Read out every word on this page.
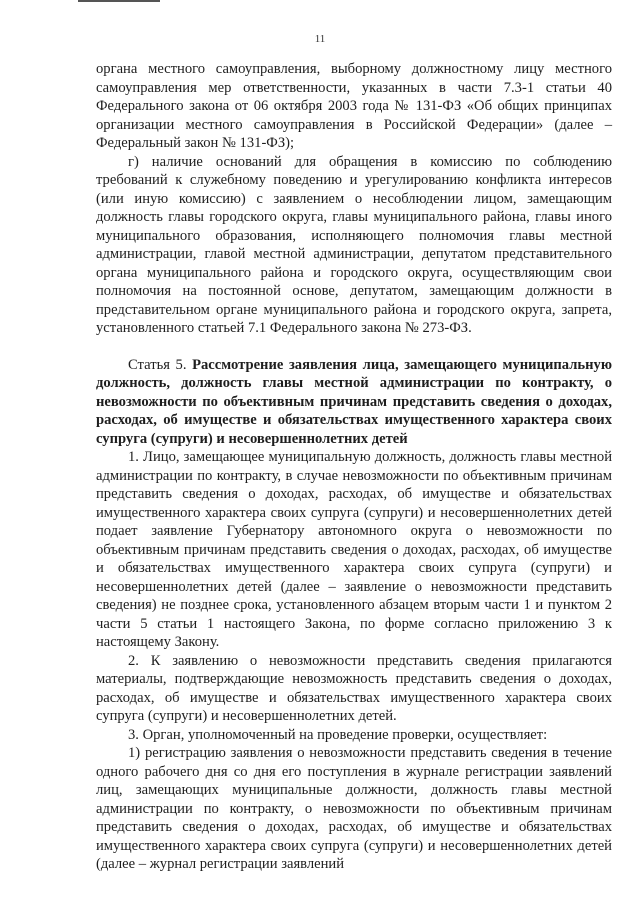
11

органа местного самоуправления, выборному должностному лицу местного самоуправления мер ответственности, указанных в части 7.3-1 статьи 40 Федерального закона от 06 октября 2003 года № 131-ФЗ «Об общих принципах организации местного самоуправления в Российской Федерации» (далее – Федеральный закон № 131-ФЗ);

г) наличие оснований для обращения в комиссию по соблюдению требований к служебному поведению и урегулированию конфликта интересов (или иную комиссию) с заявлением о несоблюдении лицом, замещающим должность главы городского округа, главы муниципального района, главы иного муниципального образования, исполняющего полномочия главы местной администрации, главой местной администрации, депутатом представительного органа муниципального района и городского округа, осуществляющим свои полномочия на постоянной основе, депутатом, замещающим должности в представительном органе муниципального района и городского округа, запрета, установленного статьей 7.1 Федерального закона № 273-ФЗ.

Статья 5. Рассмотрение заявления лица, замещающего муниципальную должность, должность главы местной администрации по контракту, о невозможности по объективным причинам представить сведения о доходах, расходах, об имуществе и обязательствах имущественного характера своих супруга (супруги) и несовершеннолетних детей

1. Лицо, замещающее муниципальную должность, должность главы местной администрации по контракту, в случае невозможности по объективным причинам представить сведения о доходах, расходах, об имуществе и обязательствах имущественного характера своих супруга (супруги) и несовершеннолетних детей подает заявление Губернатору автономного округа о невозможности по объективным причинам представить сведения о доходах, расходах, об имуществе и обязательствах имущественного характера своих супруга (супруги) и несовершеннолетних детей (далее – заявление о невозможности представить сведения) не позднее срока, установленного абзацем вторым части 1 и пунктом 2 части 5 статьи 1 настоящего Закона, по форме согласно приложению 3 к настоящему Закону.

2. К заявлению о невозможности представить сведения прилагаются материалы, подтверждающие невозможность представить сведения о доходах, расходах, об имуществе и обязательствах имущественного характера своих супруга (супруги) и несовершеннолетних детей.

3. Орган, уполномоченный на проведение проверки, осуществляет:

1) регистрацию заявления о невозможности представить сведения в течение одного рабочего дня со дня его поступления в журнале регистрации заявлений лиц, замещающих муниципальные должности, должность главы местной администрации по контракту, о невозможности по объективным причинам представить сведения о доходах, расходах, об имуществе и обязательствах имущественного характера своих супруга (супруги) и несовершеннолетних детей (далее – журнал регистрации заявлений
